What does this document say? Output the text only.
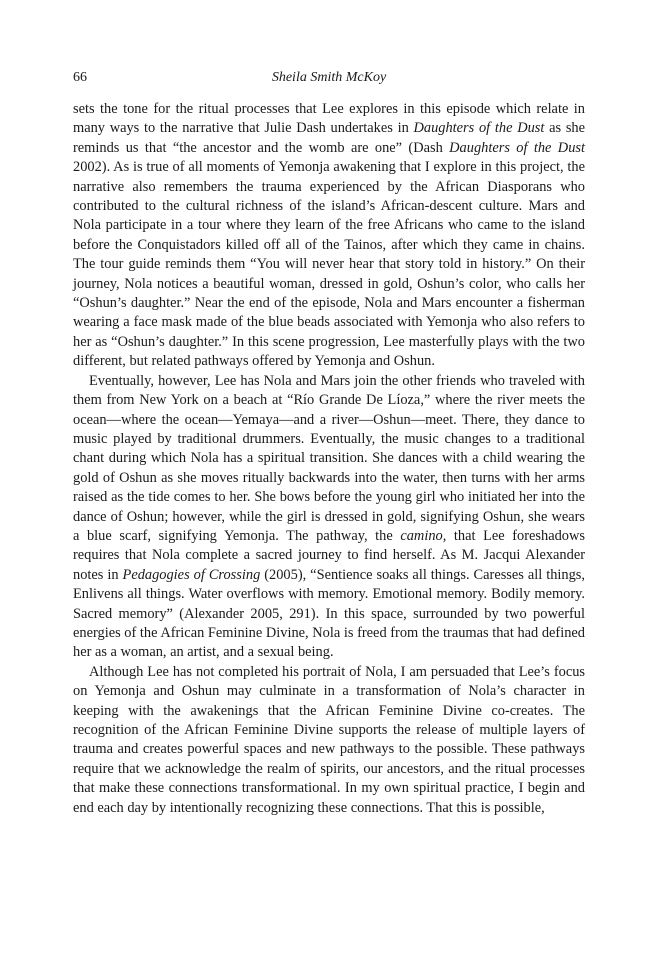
66	Sheila Smith McKoy

sets the tone for the ritual processes that Lee explores in this episode which relate in many ways to the narrative that Julie Dash undertakes in Daughters of the Dust as she reminds us that “the ancestor and the womb are one” (Dash Daughters of the Dust 2002). As is true of all moments of Yemonja awakening that I explore in this project, the narrative also remembers the trauma experienced by the African Diasporans who contributed to the cultural richness of the island’s African-descent culture. Mars and Nola participate in a tour where they learn of the free Africans who came to the island before the Conquistadors killed off all of the Tainos, after which they came in chains. The tour guide reminds them “You will never hear that story told in history.” On their journey, Nola notices a beautiful woman, dressed in gold, Oshun’s color, who calls her “Oshun’s daughter.” Near the end of the episode, Nola and Mars encounter a fisherman wearing a face mask made of the blue beads associated with Yemonja who also refers to her as “Oshun’s daughter.” In this scene progression, Lee masterfully plays with the two different, but related pathways offered by Yemonja and Oshun.

Eventually, however, Lee has Nola and Mars join the other friends who traveled with them from New York on a beach at “Río Grande De Líoza,” where the river meets the ocean—where the ocean—Yemaya—and a river—Oshun—meet. There, they dance to music played by traditional drummers. Eventually, the music changes to a traditional chant during which Nola has a spiritual transition. She dances with a child wearing the gold of Oshun as she moves ritually backwards into the water, then turns with her arms raised as the tide comes to her. She bows before the young girl who initiated her into the dance of Oshun; however, while the girl is dressed in gold, signifying Oshun, she wears a blue scarf, signifying Yemonja. The pathway, the camino, that Lee foreshadows requires that Nola complete a sacred journey to find herself. As M. Jacqui Alexander notes in Pedagogies of Crossing (2005), “Sentience soaks all things. Caresses all things, Enlivens all things. Water overflows with memory. Emotional memory. Bodily memory. Sacred memory” (Alexander 2005, 291). In this space, surrounded by two powerful energies of the African Feminine Divine, Nola is freed from the traumas that had defined her as a woman, an artist, and a sexual being.

Although Lee has not completed his portrait of Nola, I am persuaded that Lee’s focus on Yemonja and Oshun may culminate in a transformation of Nola’s character in keeping with the awakenings that the African Feminine Divine co-creates. The recognition of the African Feminine Divine supports the release of multiple layers of trauma and creates powerful spaces and new pathways to the possible. These pathways require that we acknowledge the realm of spirits, our ancestors, and the ritual processes that make these connections transformational. In my own spiritual practice, I begin and end each day by intentionally recognizing these connections. That this is possible,
